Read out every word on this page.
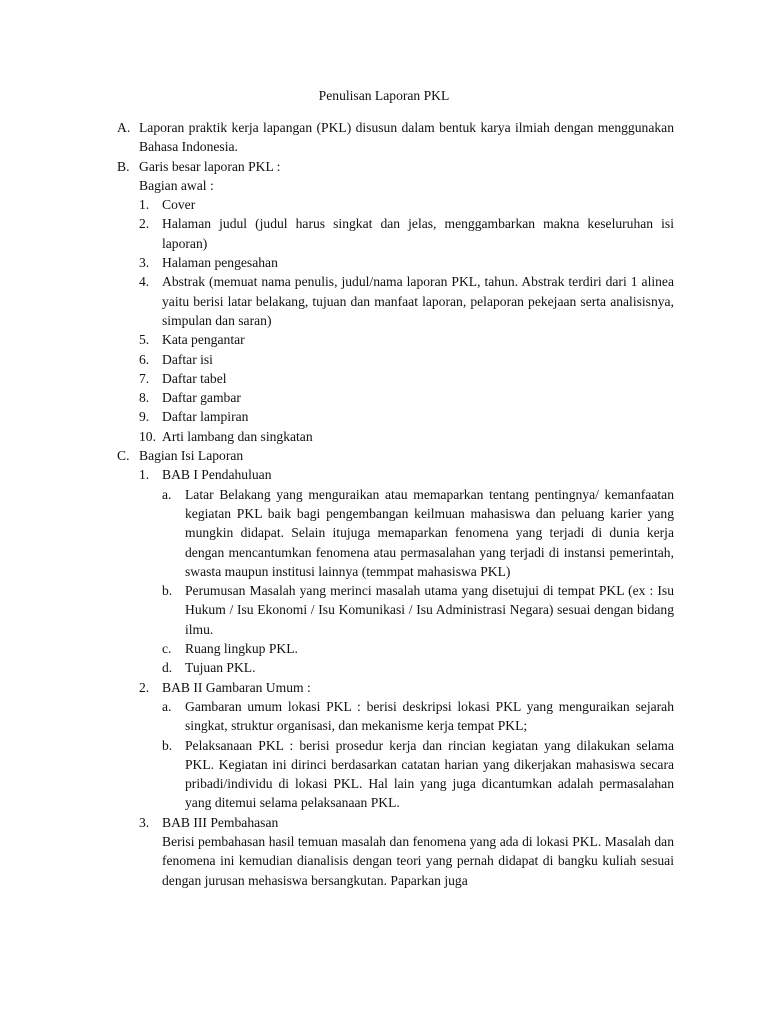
Penulisan Laporan PKL
A. Laporan praktik kerja lapangan (PKL) disusun dalam bentuk karya ilmiah dengan menggunakan Bahasa Indonesia.
B. Garis besar laporan PKL :
Bagian awal :
1. Cover
2. Halaman judul (judul harus singkat dan jelas, menggambarkan makna keseluruhan isi laporan)
3. Halaman pengesahan
4. Abstrak (memuat nama penulis, judul/nama laporan PKL, tahun. Abstrak terdiri dari 1 alinea yaitu berisi latar belakang, tujuan dan manfaat laporan, pelaporan pekejaan serta analisisnya, simpulan dan saran)
5. Kata pengantar
6. Daftar isi
7. Daftar tabel
8. Daftar gambar
9. Daftar lampiran
10. Arti lambang dan singkatan
C. Bagian Isi Laporan
1. BAB I Pendahuluan
a. Latar Belakang yang menguraikan atau memaparkan tentang pentingnya/ kemanfaatan kegiatan PKL baik bagi pengembangan keilmuan mahasiswa dan peluang karier yang mungkin didapat. Selain itujuga memaparkan fenomena yang terjadi di dunia kerja dengan mencantumkan fenomena atau permasalahan yang terjadi di instansi pemerintah, swasta maupun institusi lainnya (temmpat mahasiswa PKL)
b. Perumusan Masalah yang merinci masalah utama yang disetujui di tempat PKL (ex : Isu Hukum / Isu Ekonomi / Isu Komunikasi / Isu Administrasi Negara) sesuai dengan bidang ilmu.
c. Ruang lingkup PKL.
d. Tujuan PKL.
2. BAB II Gambaran Umum :
a. Gambaran umum lokasi PKL : berisi deskripsi lokasi PKL yang menguraikan sejarah singkat, struktur organisasi, dan mekanisme kerja tempat PKL;
b. Pelaksanaan PKL : berisi prosedur kerja dan rincian kegiatan yang dilakukan selama PKL. Kegiatan ini dirinci berdasarkan catatan harian yang dikerjakan mahasiswa secara pribadi/individu di lokasi PKL. Hal lain yang juga dicantumkan adalah permasalahan yang ditemui selama pelaksanaan PKL.
3. BAB III Pembahasan
Berisi pembahasan hasil temuan masalah dan fenomena yang ada di lokasi PKL. Masalah dan fenomena ini kemudian dianalisis dengan teori yang pernah didapat di bangku kuliah sesuai dengan jurusan mehasiswa bersangkutan. Paparkan juga
